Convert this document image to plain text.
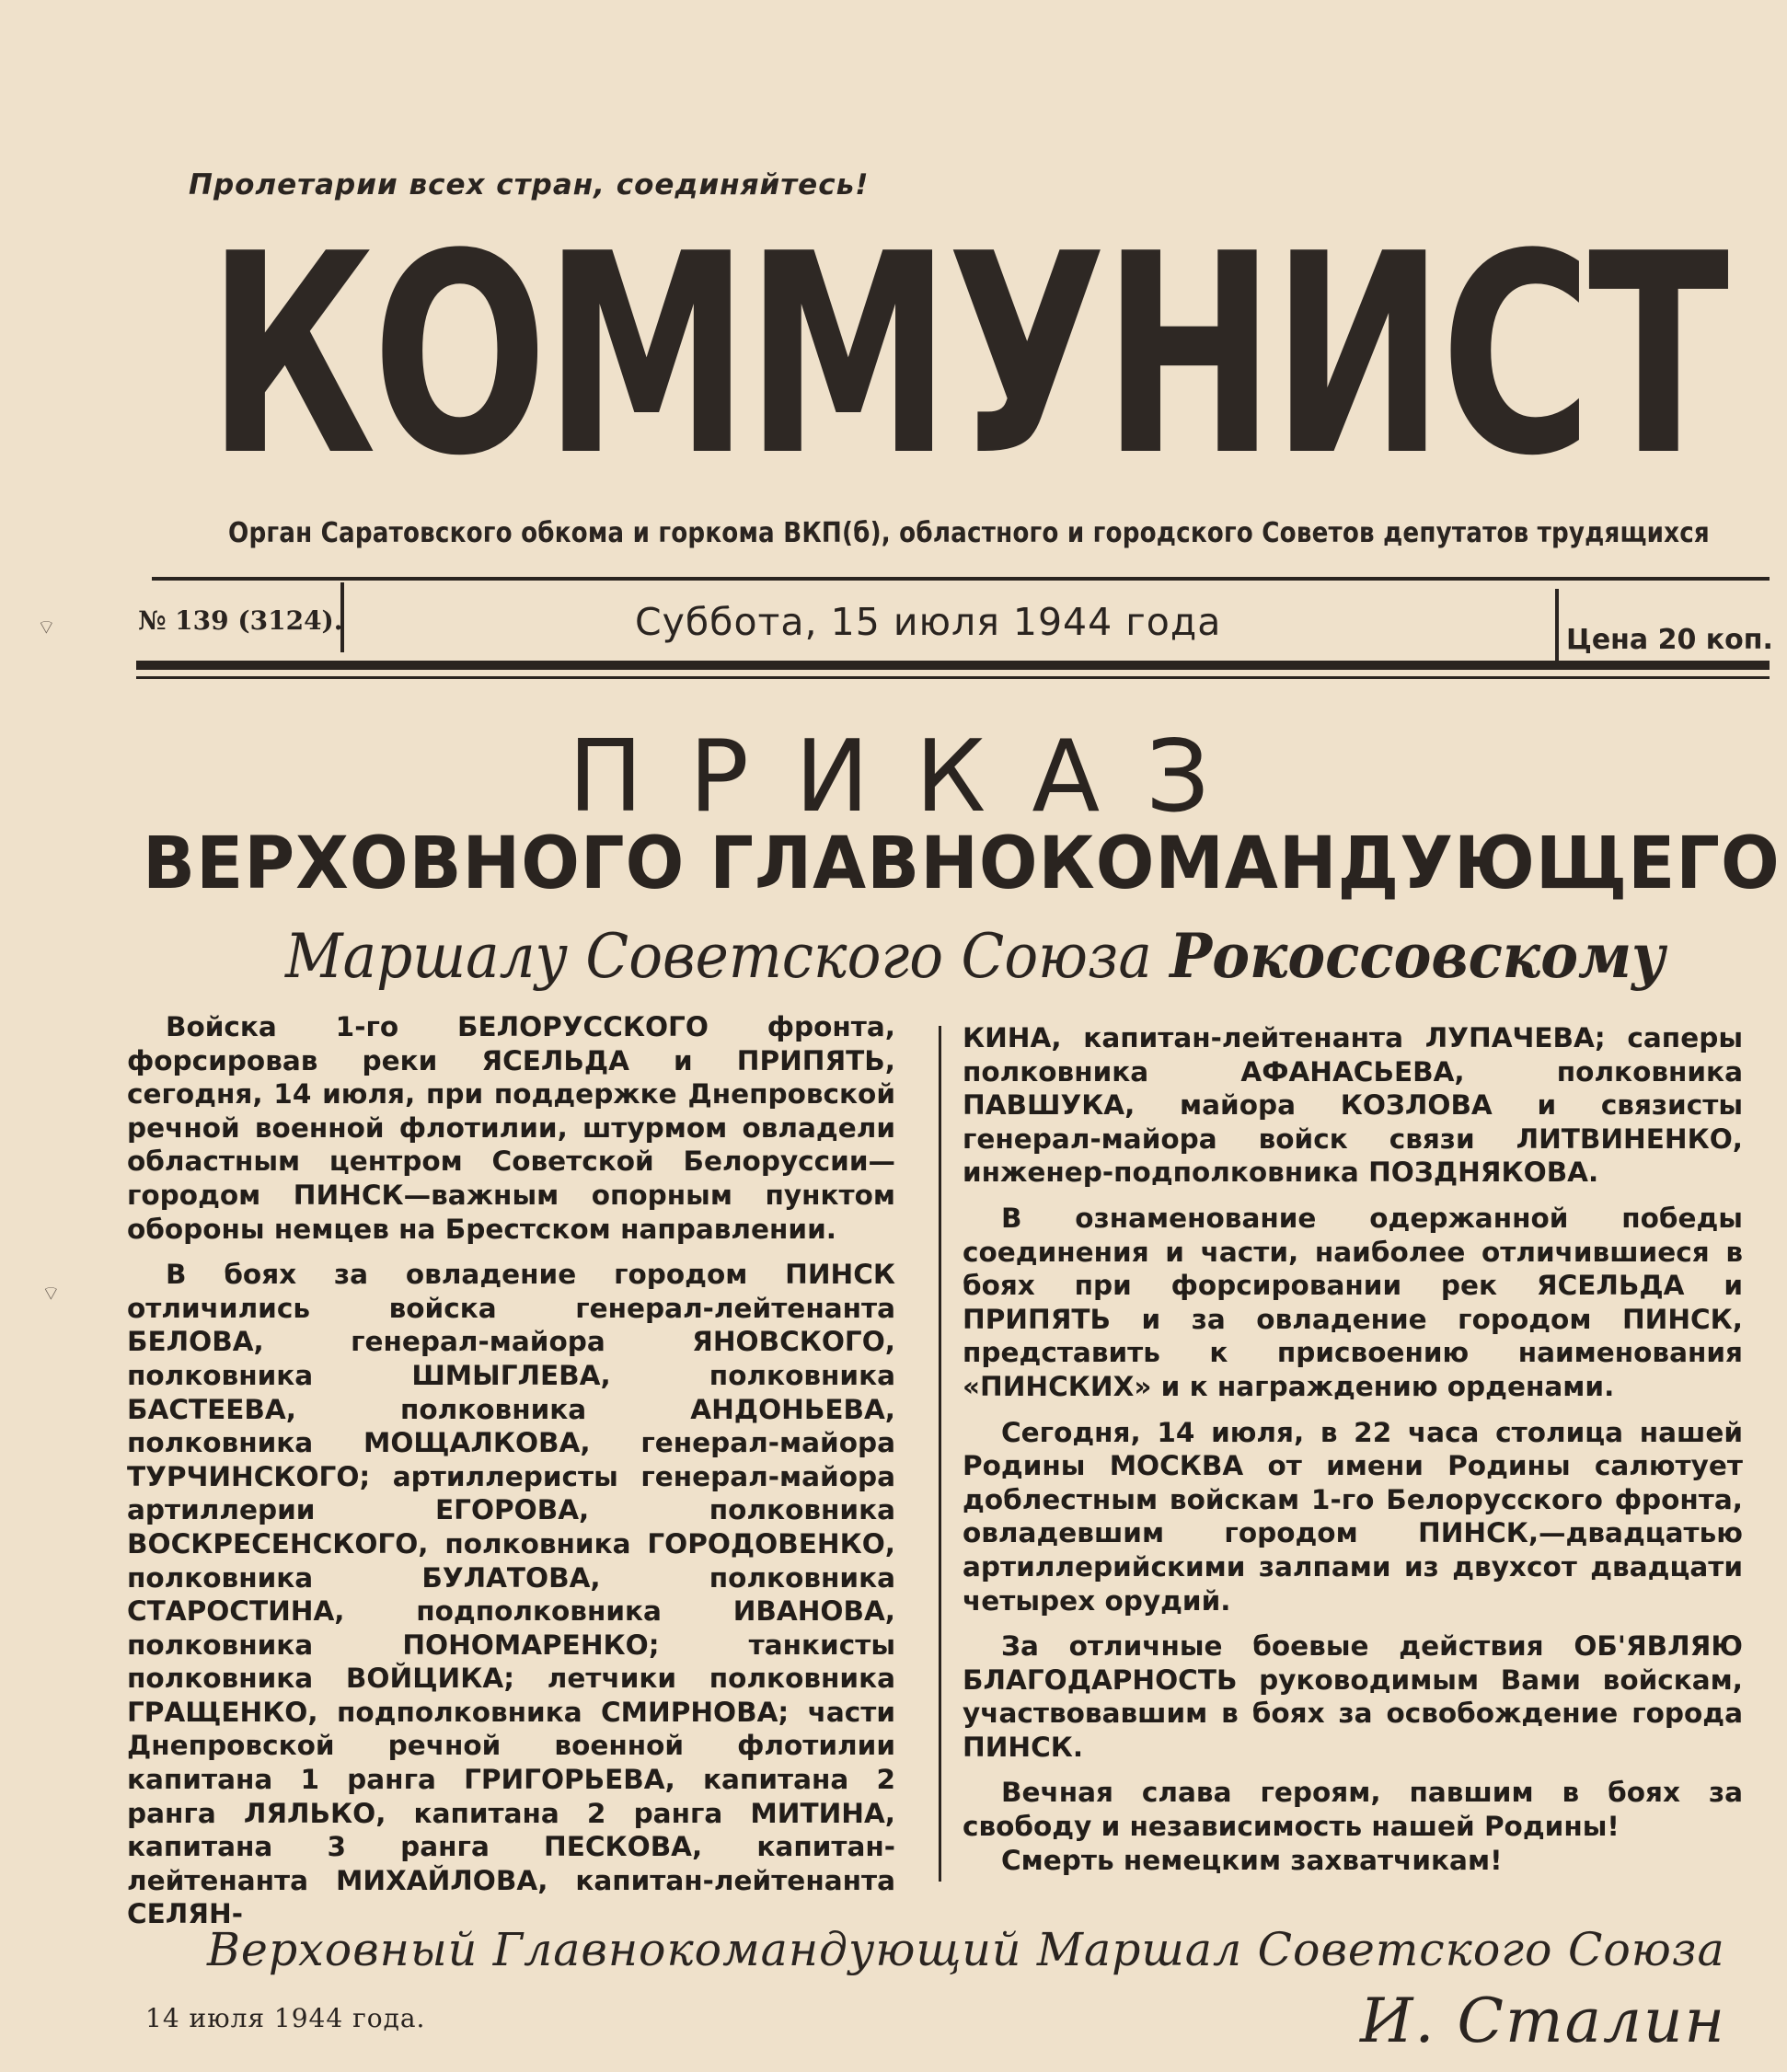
Пролетарии всех стран, соединяйтесь!
КОММУНИСТ
Орган Саратовского обкома и горкома ВКП(б), областного и городского Советов депутатов трудящихся
№ 139 (3124).	Суббота, 15 июля 1944 года	Цена 20 коп.
ПРИКАЗ
ВЕРХОВНОГО ГЛАВНОКОМАНДУЮЩЕГО
Маршалу Советского Союза Рокоссовскому

Войска 1-го БЕЛОРУССКОГО фронта, форсировав реки ЯСЕЛЬДА и ПРИПЯТЬ, сегодня, 14 июля, при поддержке Днепровской речной военной флотилии, штурмом овладели областным центром Советской Белоруссии—городом ПИНСК—важным опорным пунктом обороны немцев на Брестском направлении.

В боях за овладение городом ПИНСК отличились войска генерал-лейтенанта БЕЛОВА, генерал-майора ЯНОВСКОГО, полковника ШМЫГЛЕВА, полковника БАСТЕЕВА, полковника АНДОНЬЕВА, полковника МОЩАЛКОВА, генерал-майора ТУРЧИНСКОГО; артиллеристы генерал-майора артиллерии ЕГОРОВА, полковника ВОСКРЕСЕНСКОГО, полковника ГОРОДОВЕНКО, полковника БУЛАТОВА, полковника СТАРОСТИНА, подполковника ИВАНОВА, полковника ПОНОМАРЕНКО; танкисты полковника ВОЙЦИКА; летчики полковника ГРАЩЕНКО, подполковника СМИРНОВА; части Днепровской речной военной флотилии капитана 1 ранга ГРИГОРЬЕВА, капитана 2 ранга ЛЯЛЬКО, капитана 2 ранга МИТИНА, капитана 3 ранга ПЕСКОВА, капитан-лейтенанта МИХАЙЛОВА, капитан-лейтенанта СЕЛЯН-

КИНА, капитан-лейтенанта ЛУПАЧЕВА; саперы полковника АФАНАСЬЕВА, полковника ПАВШУКА, майора КОЗЛОВА и связисты генерал-майора войск связи ЛИТВИНЕНКО, инженер-подполковника ПОЗДНЯКОВА.

В ознаменование одержанной победы соединения и части, наиболее отличившиеся в боях при форсировании рек ЯСЕЛЬДА и ПРИПЯТЬ и за овладение городом ПИНСК, представить к присвоению наименования «ПИНСКИХ» и к награждению орденами.

Сегодня, 14 июля, в 22 часа столица нашей Родины МОСКВА от имени Родины салютует доблестным войскам 1-го Белорусского фронта, овладевшим городом ПИНСК,—двадцатью артиллерийскими залпами из двухсот двадцати четырех орудий.

За отличные боевые действия ОБ'ЯВЛЯЮ БЛАГОДАРНОСТЬ руководимым Вами войскам, участвовавшим в боях за освобождение города ПИНСК.

Вечная слава героям, павшим в боях за свободу и независимость нашей Родины!

Смерть немецким захватчикам!

Верховный Главнокомандующий Маршал Советского Союза
14 июля 1944 года.	И. Сталин
⌔
⌔
